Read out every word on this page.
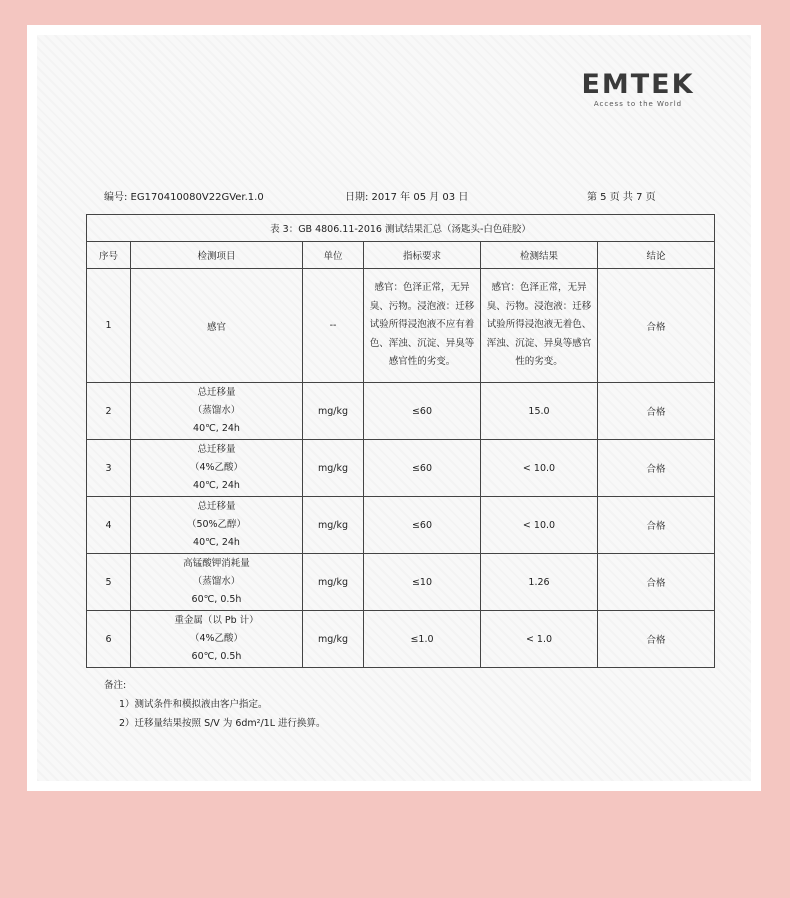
EMTEK
Access to the World
编号: EG170410080V22GVer.1.0	日期: 2017 年 05 月 03 日	第 5 页 共 7 页
表 3：GB 4806.11-2016 测试结果汇总（汤匙头-白色硅胶）					
序号	检测项目	单位	指标要求	检测结果	结论
1	感官	--	感官：色泽正常，无异臭、污物。浸泡液：迁移试验所得浸泡液不应有着色、浑浊、沉淀、异臭等感官性的劣变。	感官：色泽正常，无异臭、污物。浸泡液：迁移试验所得浸泡液无着色、浑浊、沉淀、异臭等感官性的劣变。	合格
2	总迁移量
（蒸馏水）
40℃, 24h	mg/kg	≤60	15.0	合格
3	总迁移量
（4%乙酸）
40℃, 24h	mg/kg	≤60	< 10.0	合格
4	总迁移量
（50%乙醇）
40℃, 24h	mg/kg	≤60	< 10.0	合格
5	高锰酸钾消耗量
（蒸馏水）
60℃, 0.5h	mg/kg	≤10	1.26	合格
6	重金属（以 Pb 计）
（4%乙酸）
60℃, 0.5h	mg/kg	≤1.0	< 1.0	合格
备注:
1）测试条件和模拟液由客户指定。
2）迁移量结果按照 S/V 为 6dm²/1L 进行换算。
